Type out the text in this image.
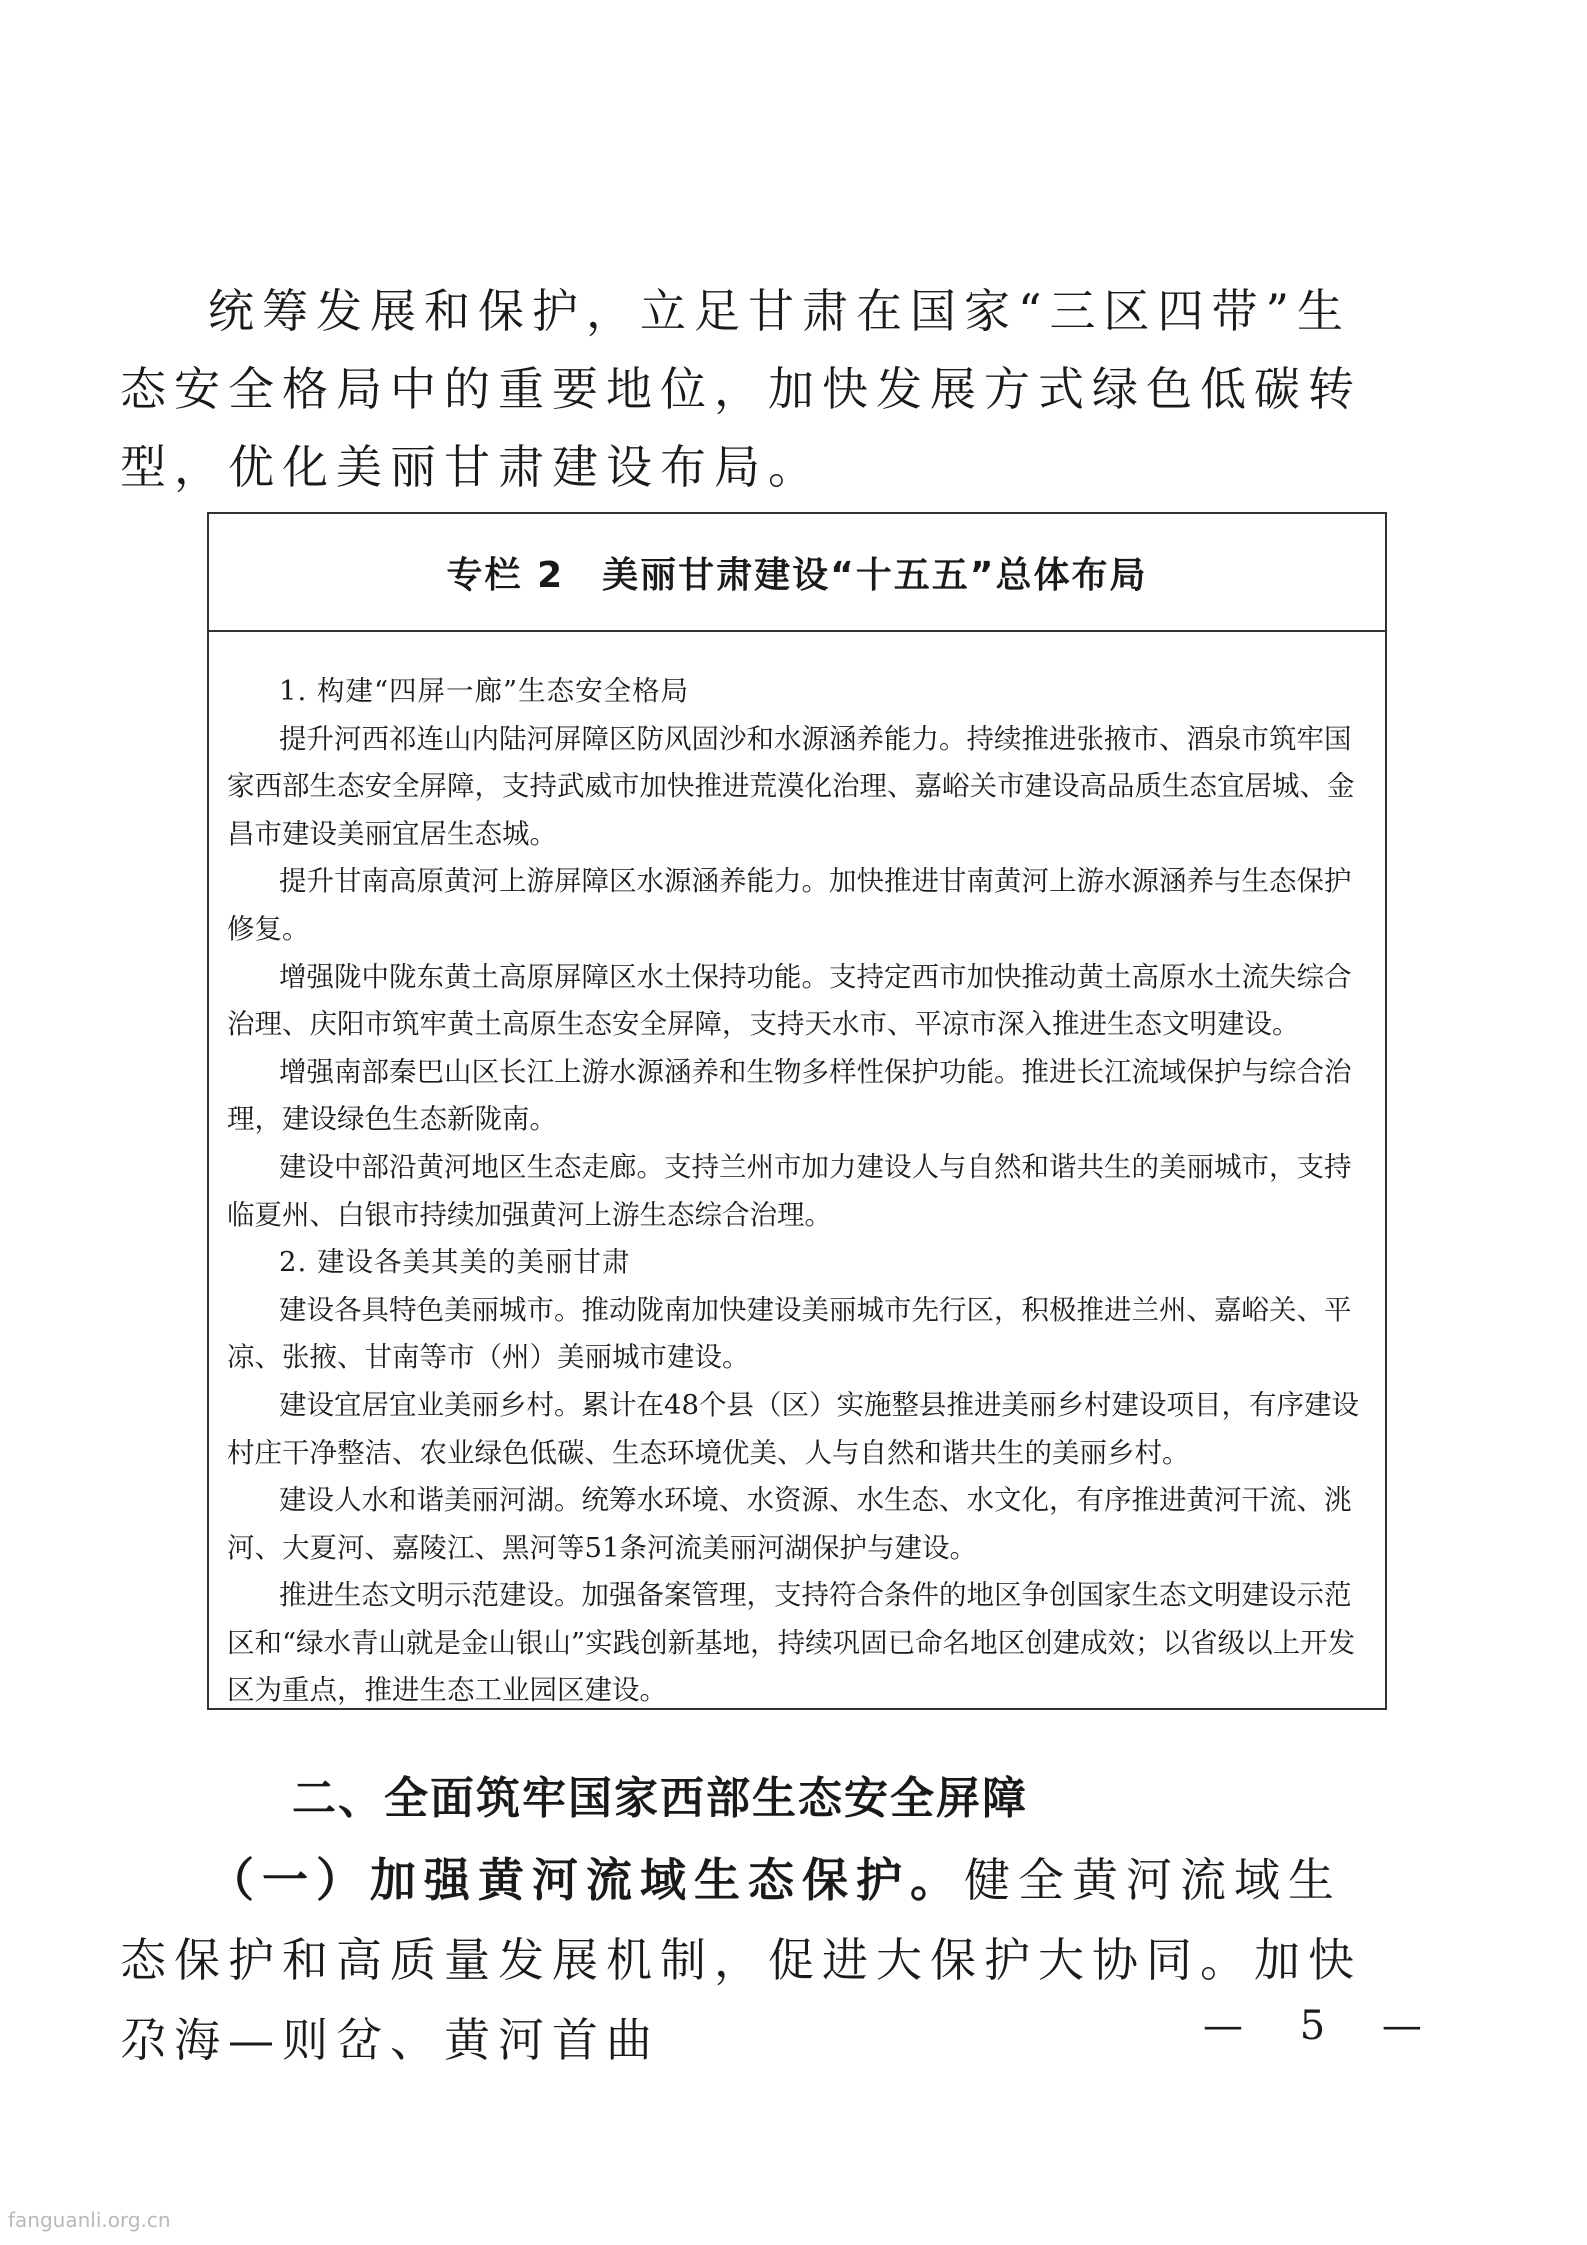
统筹发展和保护，立足甘肃在国家“三区四带”生态安全格局中的重要地位，加快发展方式绿色低碳转型，优化美丽甘肃建设布局。

专栏 2 美丽甘肃建设“十五五”总体布局

1. 构建“四屏一廊”生态安全格局

提升河西祁连山内陆河屏障区防风固沙和水源涵养能力。持续推进张掖市、酒泉市筑牢国家西部生态安全屏障，支持武威市加快推进荒漠化治理、嘉峪关市建设高品质生态宜居城、金昌市建设美丽宜居生态城。

提升甘南高原黄河上游屏障区水源涵养能力。加快推进甘南黄河上游水源涵养与生态保护修复。

增强陇中陇东黄土高原屏障区水土保持功能。支持定西市加快推动黄土高原水土流失综合治理、庆阳市筑牢黄土高原生态安全屏障，支持天水市、平凉市深入推进生态文明建设。

增强南部秦巴山区长江上游水源涵养和生物多样性保护功能。推进长江流域保护与综合治理，建设绿色生态新陇南。

建设中部沿黄河地区生态走廊。支持兰州市加力建设人与自然和谐共生的美丽城市，支持临夏州、白银市持续加强黄河上游生态综合治理。

2. 建设各美其美的美丽甘肃

建设各具特色美丽城市。推动陇南加快建设美丽城市先行区，积极推进兰州、嘉峪关、平凉、张掖、甘南等市（州）美丽城市建设。

建设宜居宜业美丽乡村。累计在48个县（区）实施整县推进美丽乡村建设项目，有序建设村庄干净整洁、农业绿色低碳、生态环境优美、人与自然和谐共生的美丽乡村。

建设人水和谐美丽河湖。统筹水环境、水资源、水生态、水文化，有序推进黄河干流、洮河、大夏河、嘉陵江、黑河等51条河流美丽河湖保护与建设。

推进生态文明示范建设。加强备案管理，支持符合条件的地区争创国家生态文明建设示范区和“绿水青山就是金山银山”实践创新基地，持续巩固已命名地区创建成效；以省级以上开发区为重点，推进生态工业园区建设。

二、全面筑牢国家西部生态安全屏障

（一）加强黄河流域生态保护。健全黄河流域生态保护和高质量发展机制，促进大保护大协同。加快尕海—则岔、黄河首曲	— 5 —
fanguanli.org.cn
